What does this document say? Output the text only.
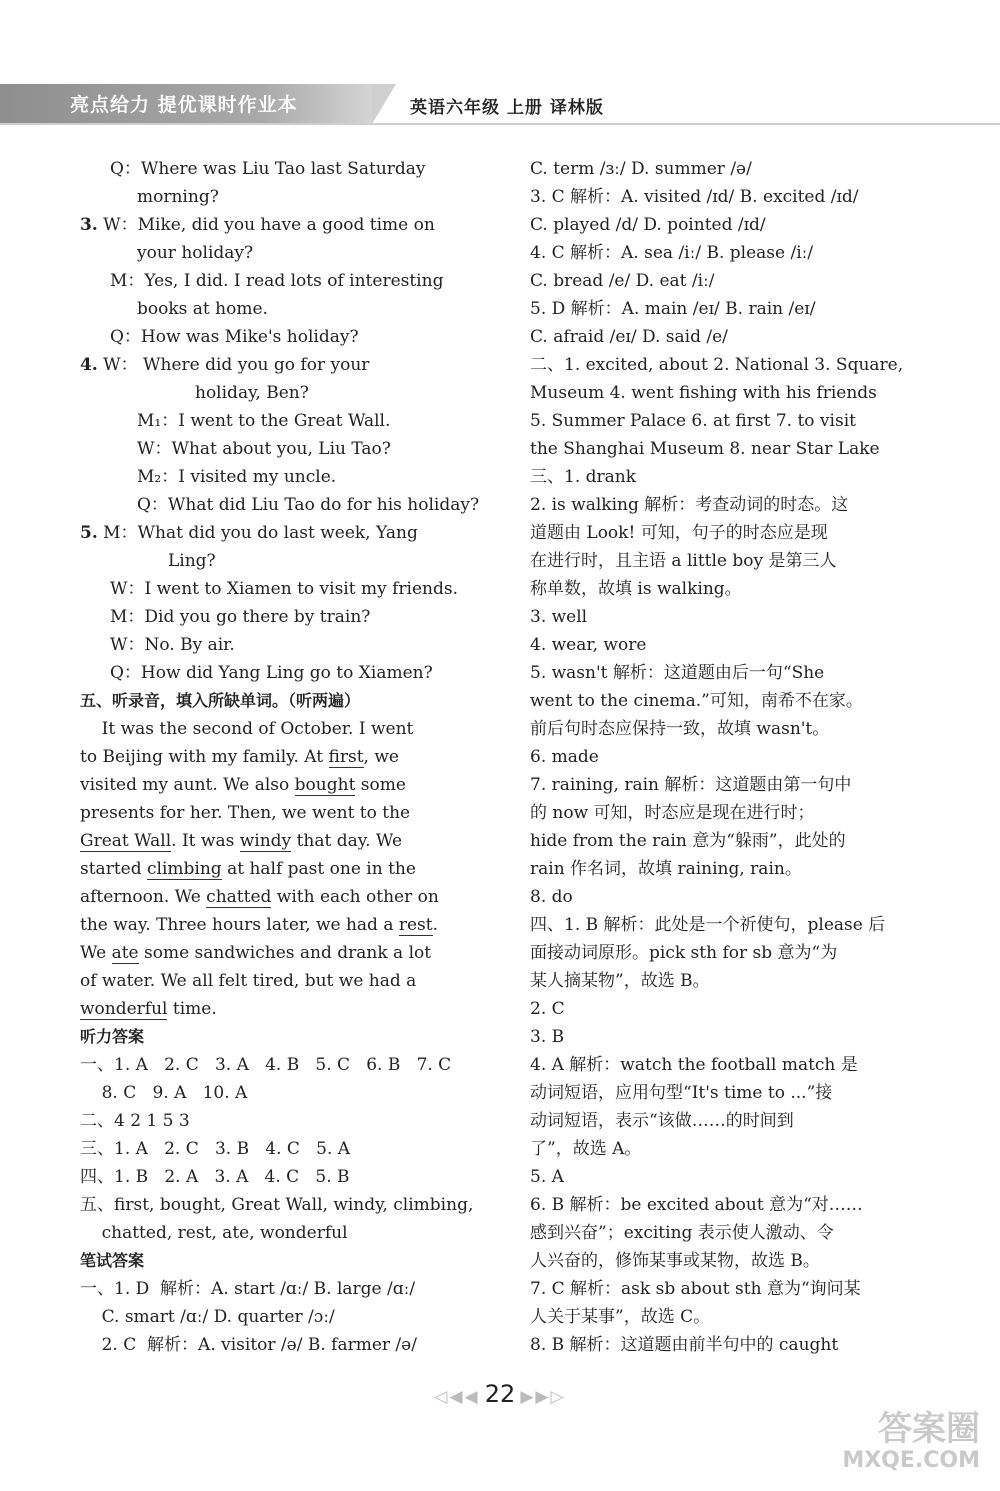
亮点给力 提优课时作业本	英语六年级 上册 译林版
Q：Where was Liu Tao last Saturday
morning?
3. W：Mike, did you have a good time on
your holiday?
M：Yes, I did. I read lots of interesting
books at home.
Q：How was Mike's holiday?
4. W： Where did you go for your
holiday, Ben?
M₁：I went to the Great Wall.
W：What about you, Liu Tao?
M₂：I visited my uncle.
Q：What did Liu Tao do for his holiday?
5. M：What did you do last week, Yang
Ling?
W：I went to Xiamen to visit my friends.
M：Did you go there by train?
W：No. By air.
Q：How did Yang Ling go to Xiamen?
五、听录音，填入所缺单词。（听两遍）
It was the second of October. I went
to Beijing with my family. At first, we
visited my aunt. We also bought some
presents for her. Then, we went to the
Great Wall. It was windy that day. We
started climbing at half past one in the
afternoon. We chatted with each other on
the way. Three hours later, we had a rest.
We ate some sandwiches and drank a lot
of water. We all felt tired, but we had a
wonderful time.
听力答案
一、1. A   2. C   3. A   4. B   5. C   6. B   7. C
8. C   9. A   10. A
二、4 2 1 5 3
三、1. A   2. C   3. B   4. C   5. A
四、1. B   2. A   3. A   4. C   5. B
五、first, bought, Great Wall, windy, climbing,
chatted, rest, ate, wonderful
笔试答案
一、1. D  解析：A. start /ɑː/ B. large /ɑː/
C. smart /ɑː/ D. quarter /ɔː/
2. C  解析：A. visitor /ə/ B. farmer /ə/
C. term /ɜː/ D. summer /ə/
3. C 解析：A. visited /ɪd/ B. excited /ɪd/
C. played /d/ D. pointed /ɪd/
4. C 解析：A. sea /iː/ B. please /iː/
C. bread /e/ D. eat /iː/
5. D 解析：A. main /eɪ/ B. rain /eɪ/
C. afraid /eɪ/ D. said /e/
二、1. excited, about 2. National 3. Square,
Museum 4. went fishing with his friends
5. Summer Palace 6. at first 7. to visit
the Shanghai Museum 8. near Star Lake
三、1. drank
2. is walking 解析：考查动词的时态。这
道题由 Look! 可知，句子的时态应是现
在进行时，且主语 a little boy 是第三人
称单数，故填 is walking。
3. well
4. wear, wore
5. wasn't 解析：这道题由后一句“She
went to the cinema.”可知，南希不在家。
前后句时态应保持一致，故填 wasn't。
6. made
7. raining, rain 解析：这道题由第一句中
的 now 可知，时态应是现在进行时；
hide from the rain 意为“躲雨”，此处的
rain 作名词，故填 raining, rain。
8. do
四、1. B 解析：此处是一个祈使句，please 后
面接动词原形。pick sth for sb 意为“为
某人摘某物”，故选 B。
2. C
3. B
4. A 解析：watch the football match 是
动词短语，应用句型“It's time to ...”接
动词短语，表示“该做……的时间到
了”，故选 A。
5. A
6. B 解析：be excited about 意为“对……
感到兴奋”；exciting 表示使人激动、令
人兴奋的，修饰某事或某物，故选 B。
7. C 解析：ask sb about sth 意为“询问某
人关于某事”，故选 C。
8. B 解析：这道题由前半句中的 caught
◁◀◀ 22 ▶▶▷
答案圈
MXQE.COM
